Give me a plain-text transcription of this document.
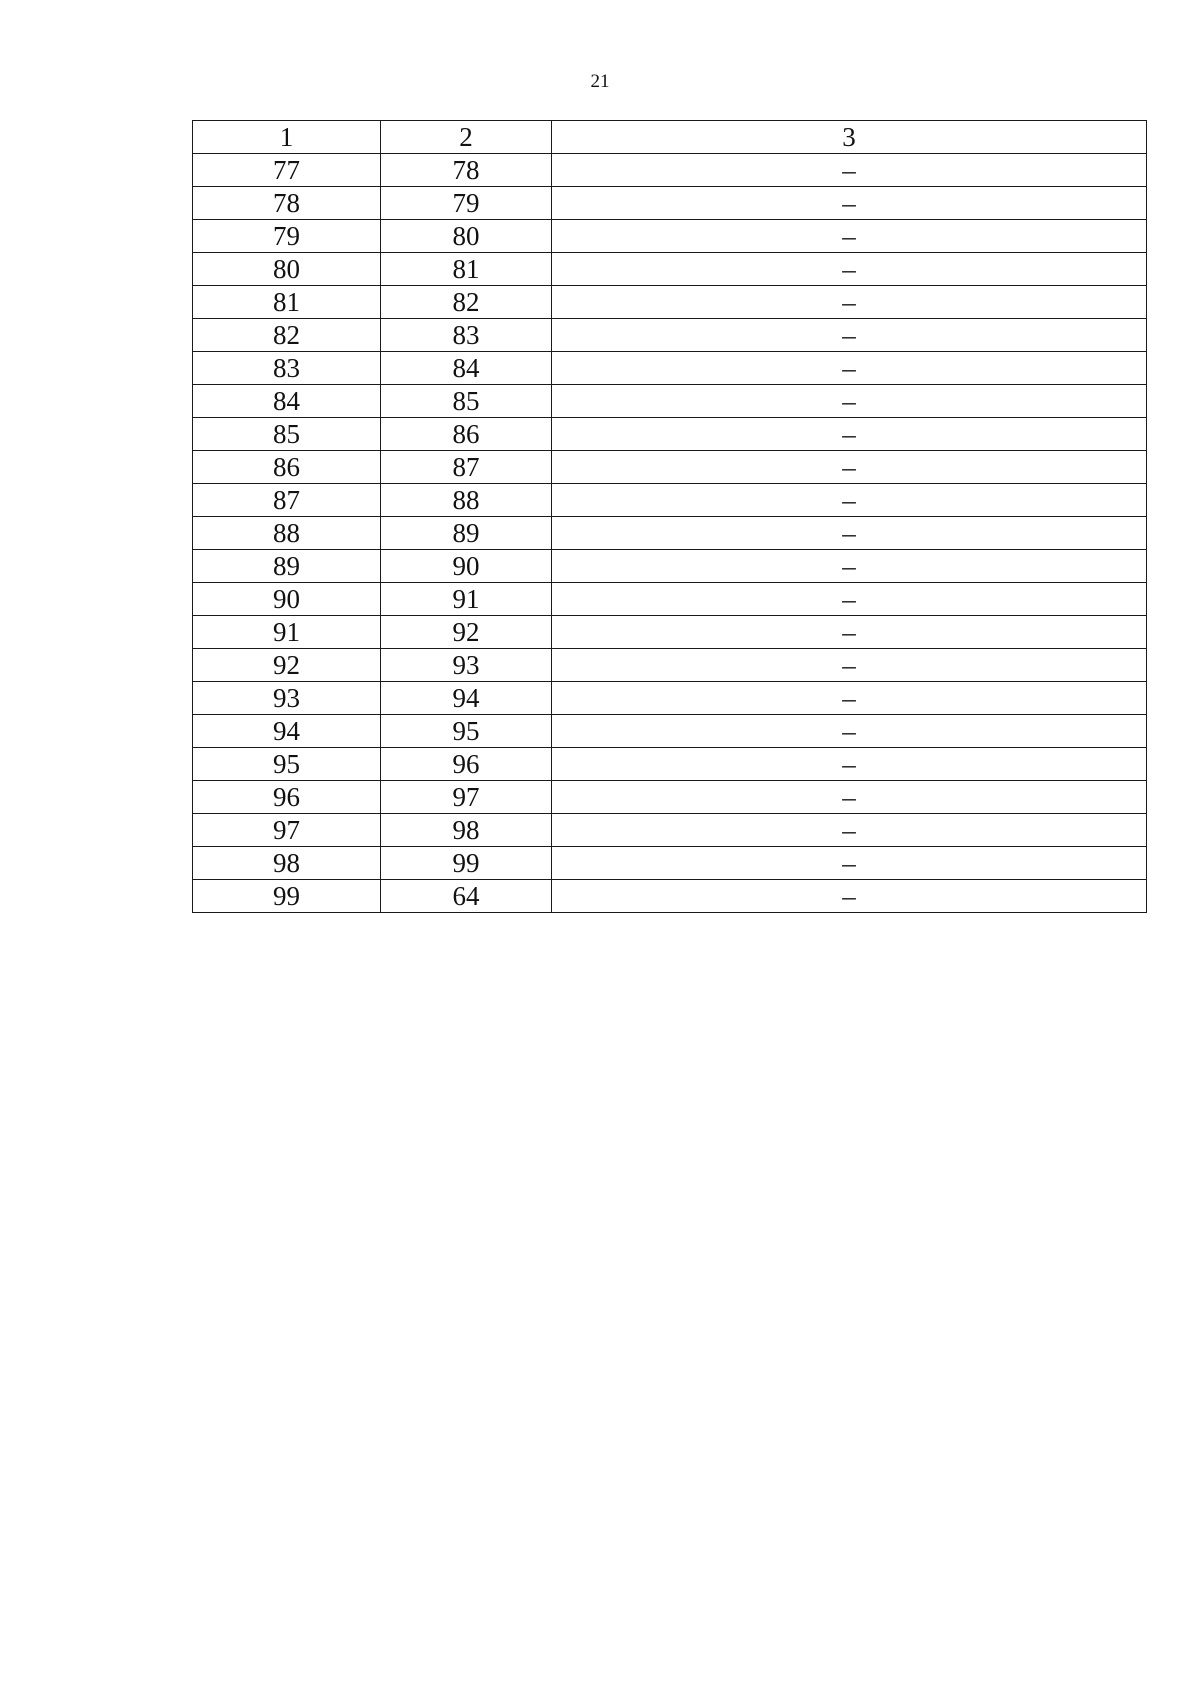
21
1	2	3
77	78	–
78	79	–
79	80	–
80	81	–
81	82	–
82	83	–
83	84	–
84	85	–
85	86	–
86	87	–
87	88	–
88	89	–
89	90	–
90	91	–
91	92	–
92	93	–
93	94	–
94	95	–
95	96	–
96	97	–
97	98	–
98	99	–
99	64	–
